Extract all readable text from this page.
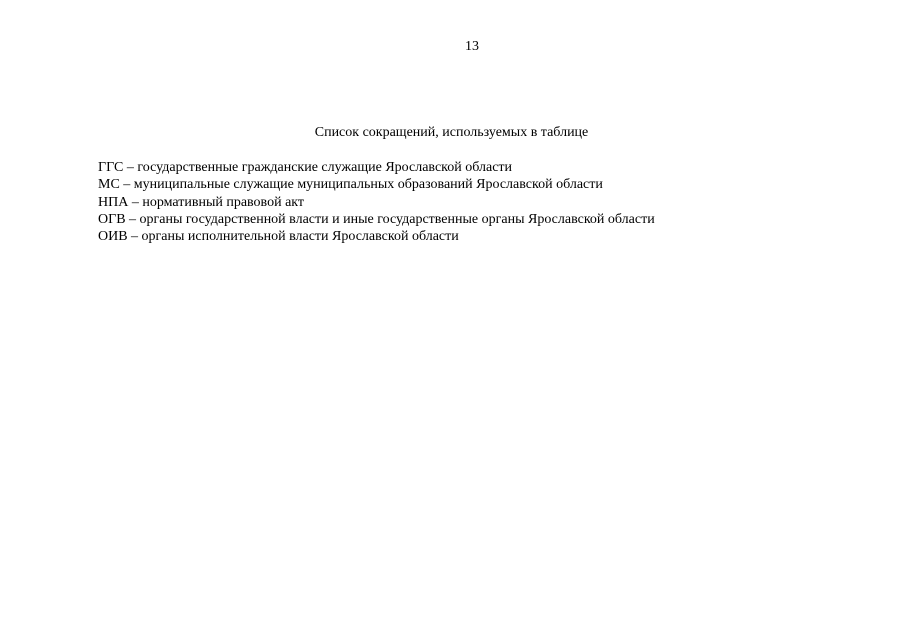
13
Список сокращений, используемых в таблице
ГГС – государственные гражданские служащие Ярославской области
МС – муниципальные служащие муниципальных образований Ярославской области
НПА – нормативный правовой акт
ОГВ – органы государственной власти и иные государственные органы Ярославской области
ОИВ – органы исполнительной власти Ярославской области
